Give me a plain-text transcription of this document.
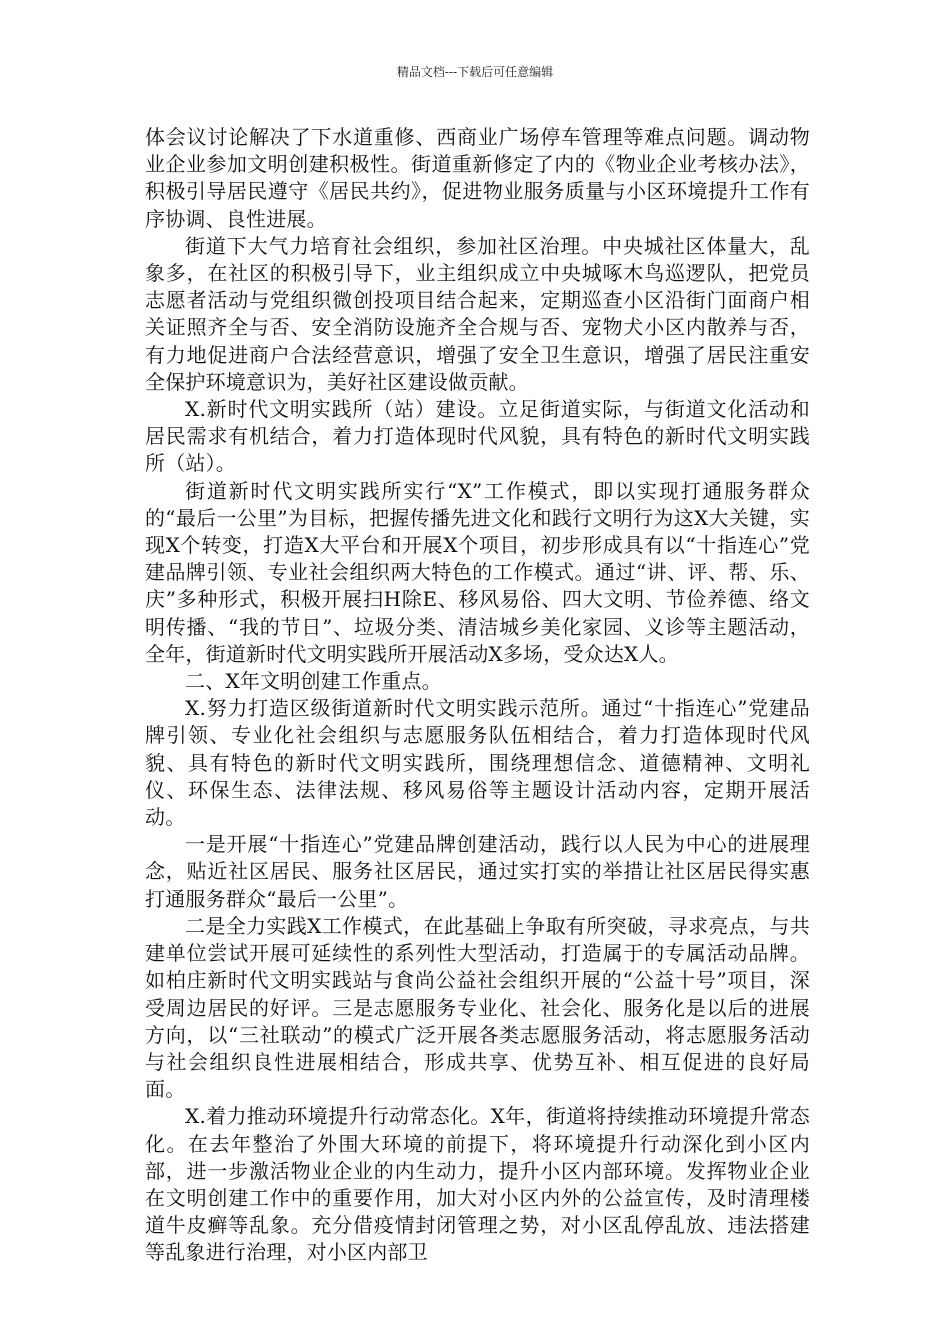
精品文档---下载后可任意编辑

体会议讨论解决了下水道重修、西商业广场停车管理等难点问题。调动物业企业参加文明创建积极性。街道重新修定了内的《物业企业考核办法》，积极引导居民遵守《居民共约》，促进物业服务质量与小区环境提升工作有序协调、良性进展。

街道下大气力培育社会组织，参加社区治理。中央城社区体量大，乱象多，在社区的积极引导下，业主组织成立中央城啄木鸟巡逻队，把党员志愿者活动与党组织微创投项目结合起来，定期巡查小区沿街门面商户相关证照齐全与否、安全消防设施齐全合规与否、宠物犬小区内散养与否，有力地促进商户合法经营意识，增强了安全卫生意识，增强了居民注重安全保护环境意识为，美好社区建设做贡献。

X.新时代文明实践所（站）建设。立足街道实际，与街道文化活动和居民需求有机结合，着力打造体现时代风貌，具有特色的新时代文明实践所（站）。

街道新时代文明实践所实行“X”工作模式，即以实现打通服务群众的“最后一公里”为目标，把握传播先进文化和践行文明行为这X大关键，实现X个转变，打造X大平台和开展X个项目，初步形成具有以“十指连心”党建品牌引领、专业社会组织两大特色的工作模式。通过“讲、评、帮、乐、庆”多种形式，积极开展扫H除E、移风易俗、四大文明、节俭养德、络文明传播、“我的节日”、垃圾分类、清洁城乡美化家园、义诊等主题活动，全年，街道新时代文明实践所开展活动X多场，受众达X人。

二、X年文明创建工作重点。

X.努力打造区级街道新时代文明实践示范所。通过“十指连心”党建品牌引领、专业化社会组织与志愿服务队伍相结合，着力打造体现时代风貌、具有特色的新时代文明实践所，围绕理想信念、道德精神、文明礼仪、环保生态、法律法规、移风易俗等主题设计活动内容，定期开展活动。

一是开展“十指连心”党建品牌创建活动，践行以人民为中心的进展理念，贴近社区居民、服务社区居民，通过实打实的举措让社区居民得实惠打通服务群众“最后一公里”。

二是全力实践X工作模式，在此基础上争取有所突破，寻求亮点，与共建单位尝试开展可延续性的系列性大型活动，打造属于的专属活动品牌。如柏庄新时代文明实践站与食尚公益社会组织开展的“公益十号”项目，深受周边居民的好评。三是志愿服务专业化、社会化、服务化是以后的进展方向，以“三社联动”的模式广泛开展各类志愿服务活动，将志愿服务活动与社会组织良性进展相结合，形成共享、优势互补、相互促进的良好局面。

X.着力推动环境提升行动常态化。X年，街道将持续推动环境提升常态化。在去年整治了外围大环境的前提下，将环境提升行动深化到小区内部，进一步激活物业企业的内生动力，提升小区内部环境。发挥物业企业在文明创建工作中的重要作用，加大对小区内外的公益宣传，及时清理楼道牛皮癣等乱象。充分借疫情封闭管理之势，对小区乱停乱放、违法搭建等乱象进行治理，对小区内部卫
